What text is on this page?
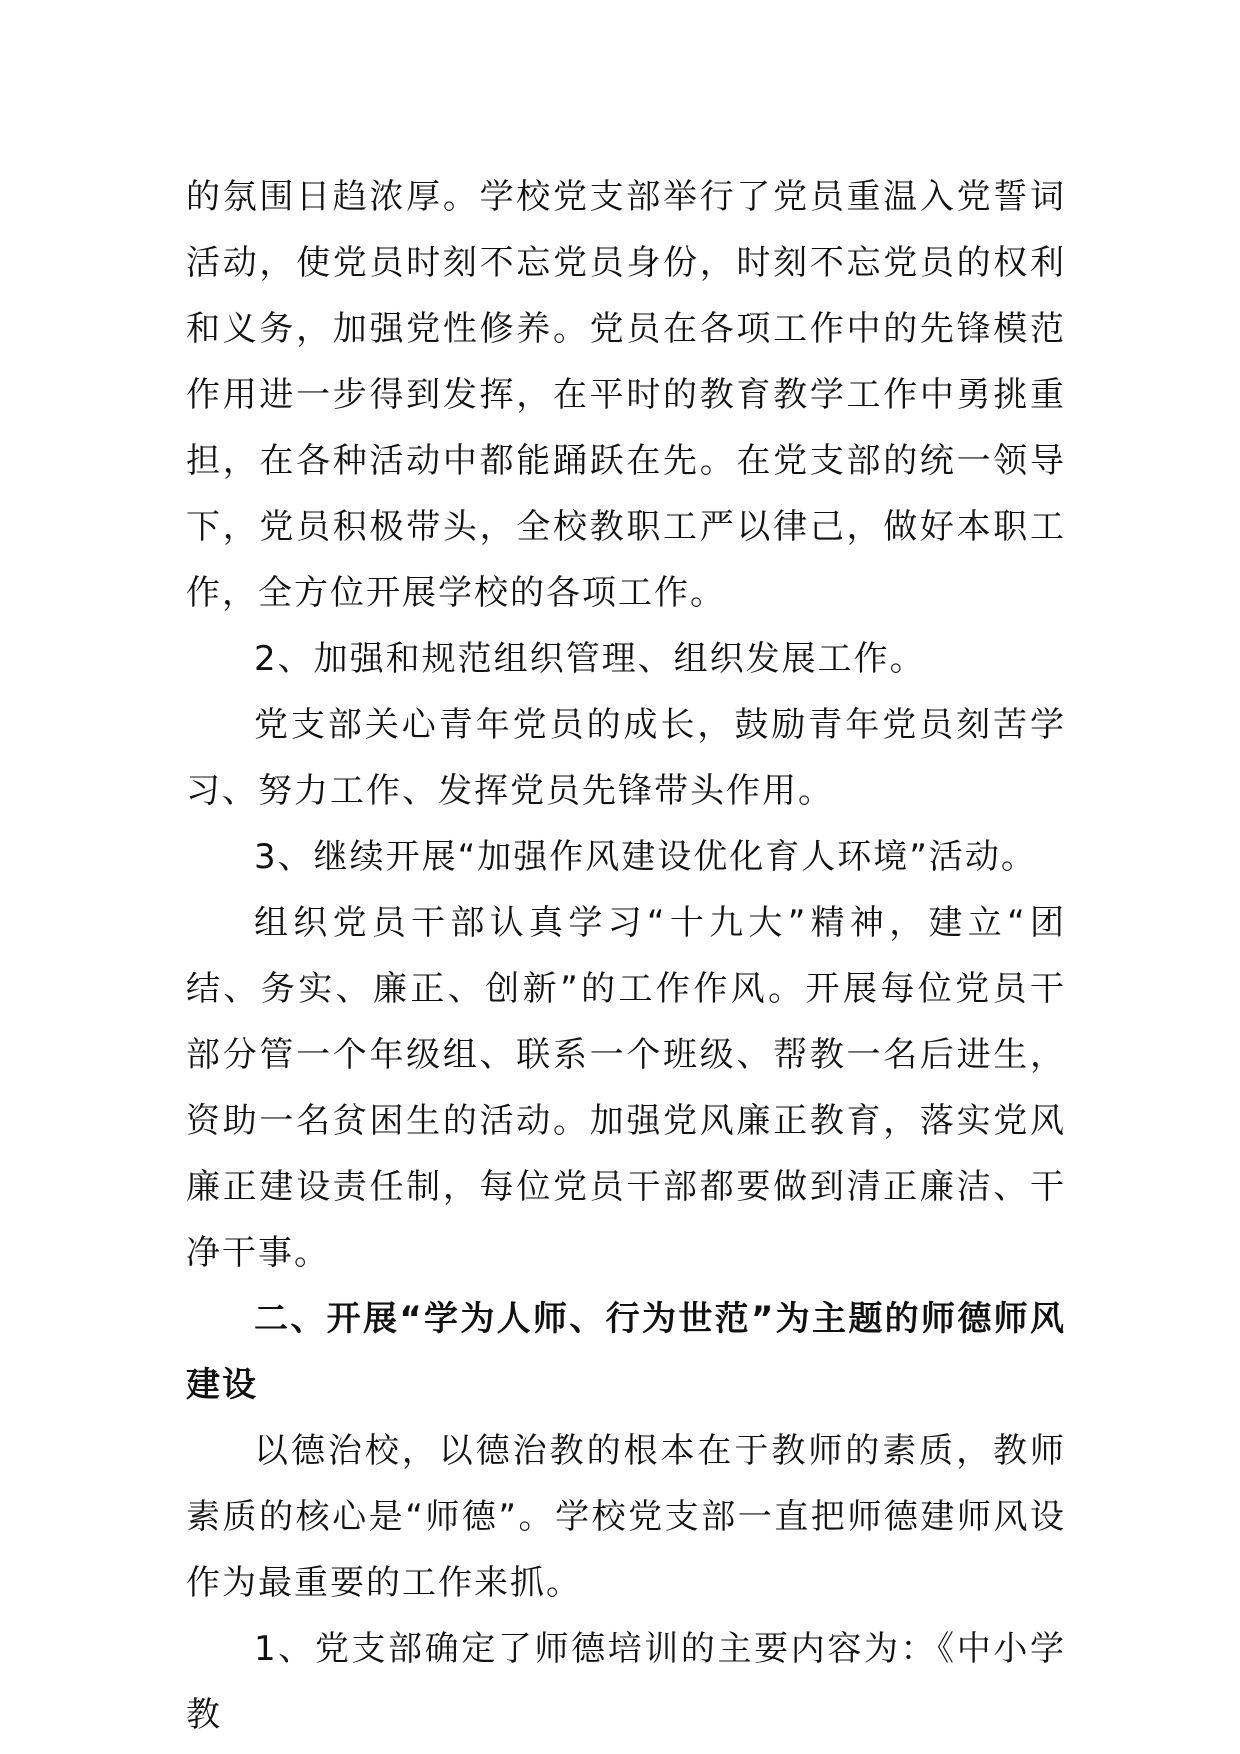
的氛围日趋浓厚。学校党支部举行了党员重温入党誓词活动，使党员时刻不忘党员身份，时刻不忘党员的权利和义务，加强党性修养。党员在各项工作中的先锋模范作用进一步得到发挥，在平时的教育教学工作中勇挑重担，在各种活动中都能踊跃在先。在党支部的统一领导下，党员积极带头，全校教职工严以律己，做好本职工作，全方位开展学校的各项工作。

2、加强和规范组织管理、组织发展工作。

党支部关心青年党员的成长，鼓励青年党员刻苦学习、努力工作、发挥党员先锋带头作用。

3、继续开展“加强作风建设优化育人环境”活动。

组织党员干部认真学习“十九大”精神，建立“团结、务实、廉正、创新”的工作作风。开展每位党员干部分管一个年级组、联系一个班级、帮教一名后进生，资助一名贫困生的活动。加强党风廉正教育，落实党风廉正建设责任制，每位党员干部都要做到清正廉洁、干净干事。

二、开展“学为人师、行为世范”为主题的师德师风建设

以德治校，以德治教的根本在于教师的素质，教师素质的核心是“师德”。学校党支部一直把师德建师风设作为最重要的工作来抓。

1、党支部确定了师德培训的主要内容为：《中小学教
